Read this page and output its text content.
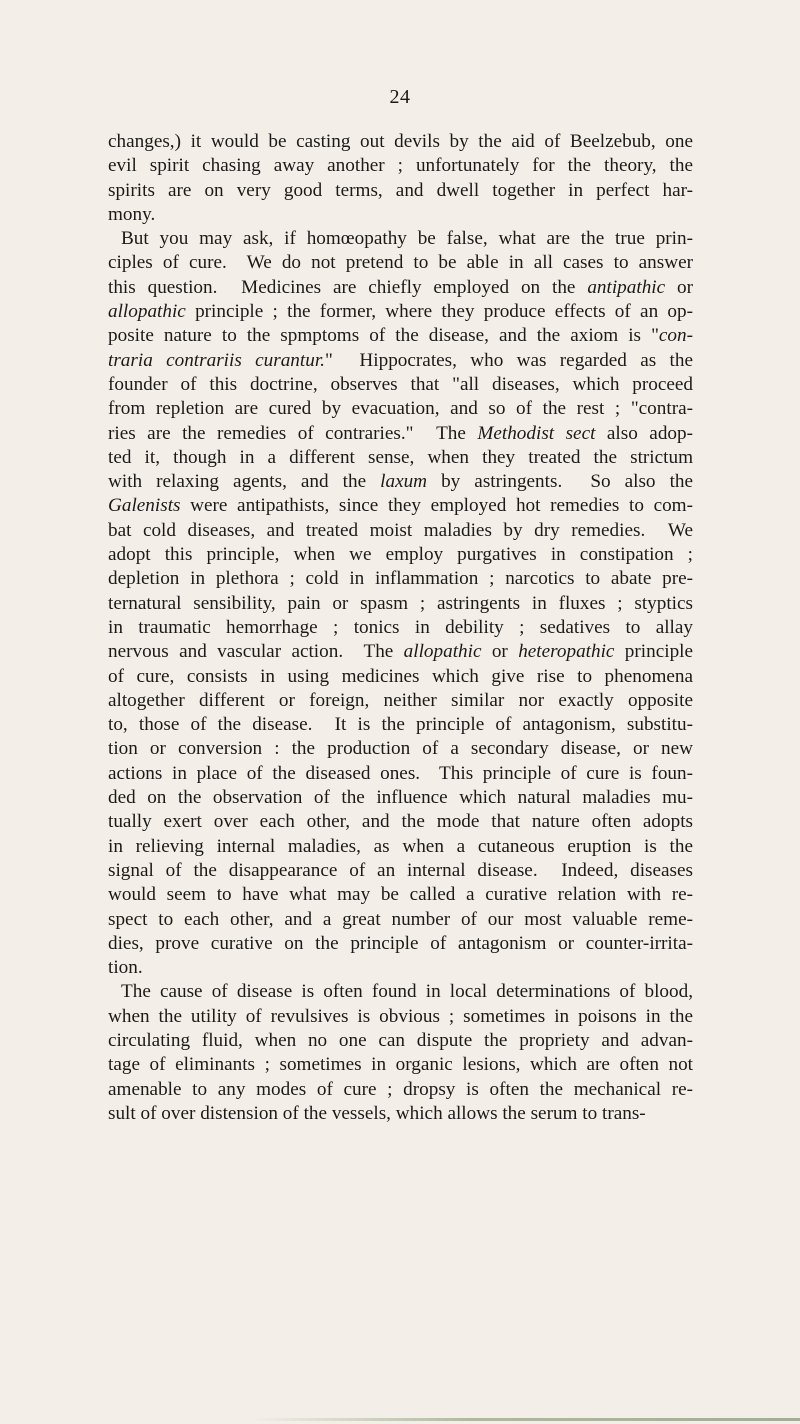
24
changes,) it would be casting out devils by the aid of Beelzebub, one
evil spirit chasing away another ; unfortunately for the theory, the
spirits are on very good terms, and dwell together in perfect har-
mony.
But you may ask, if homœopathy be false, what are the true prin-
ciples of cure.  We do not pretend to be able in all cases to answer
this question.  Medicines are chiefly employed on the antipathic or
allopathic principle ; the former, where they produce effects of an op-
posite nature to the spmptoms of the disease, and the axiom is "con-
traria contrariis curantur."  Hippocrates, who was regarded as the
founder of this doctrine, observes that "all diseases, which proceed
from repletion are cured by evacuation, and so of the rest ; "contra-
ries are the remedies of contraries."  The Methodist sect also adop-
ted it, though in a different sense, when they treated the strictum
with relaxing agents, and the laxum by astringents.  So also the
Galenists were antipathists, since they employed hot remedies to com-
bat cold diseases, and treated moist maladies by dry remedies.  We
adopt this principle, when we employ purgatives in constipation ;
depletion in plethora ; cold in inflammation ; narcotics to abate pre-
ternatural sensibility, pain or spasm ; astringents in fluxes ; styptics
in traumatic hemorrhage ; tonics in debility ; sedatives to allay
nervous and vascular action.  The allopathic or heteropathic principle
of cure, consists in using medicines which give rise to phenomena
altogether different or foreign, neither similar nor exactly opposite
to, those of the disease.  It is the principle of antagonism, substitu-
tion or conversion : the production of a secondary disease, or new
actions in place of the diseased ones.  This principle of cure is foun-
ded on the observation of the influence which natural maladies mu-
tually exert over each other, and the mode that nature often adopts
in relieving internal maladies, as when a cutaneous eruption is the
signal of the disappearance of an internal disease.  Indeed, diseases
would seem to have what may be called a curative relation with re-
spect to each other, and a great number of our most valuable reme-
dies, prove curative on the principle of antagonism or counter-irrita-
tion.
The cause of disease is often found in local determinations of blood,
when the utility of revulsives is obvious ; sometimes in poisons in the
circulating fluid, when no one can dispute the propriety and advan-
tage of eliminants ; sometimes in organic lesions, which are often not
amenable to any modes of cure ; dropsy is often the mechanical re-
sult of over distension of the vessels, which allows the serum to trans-
